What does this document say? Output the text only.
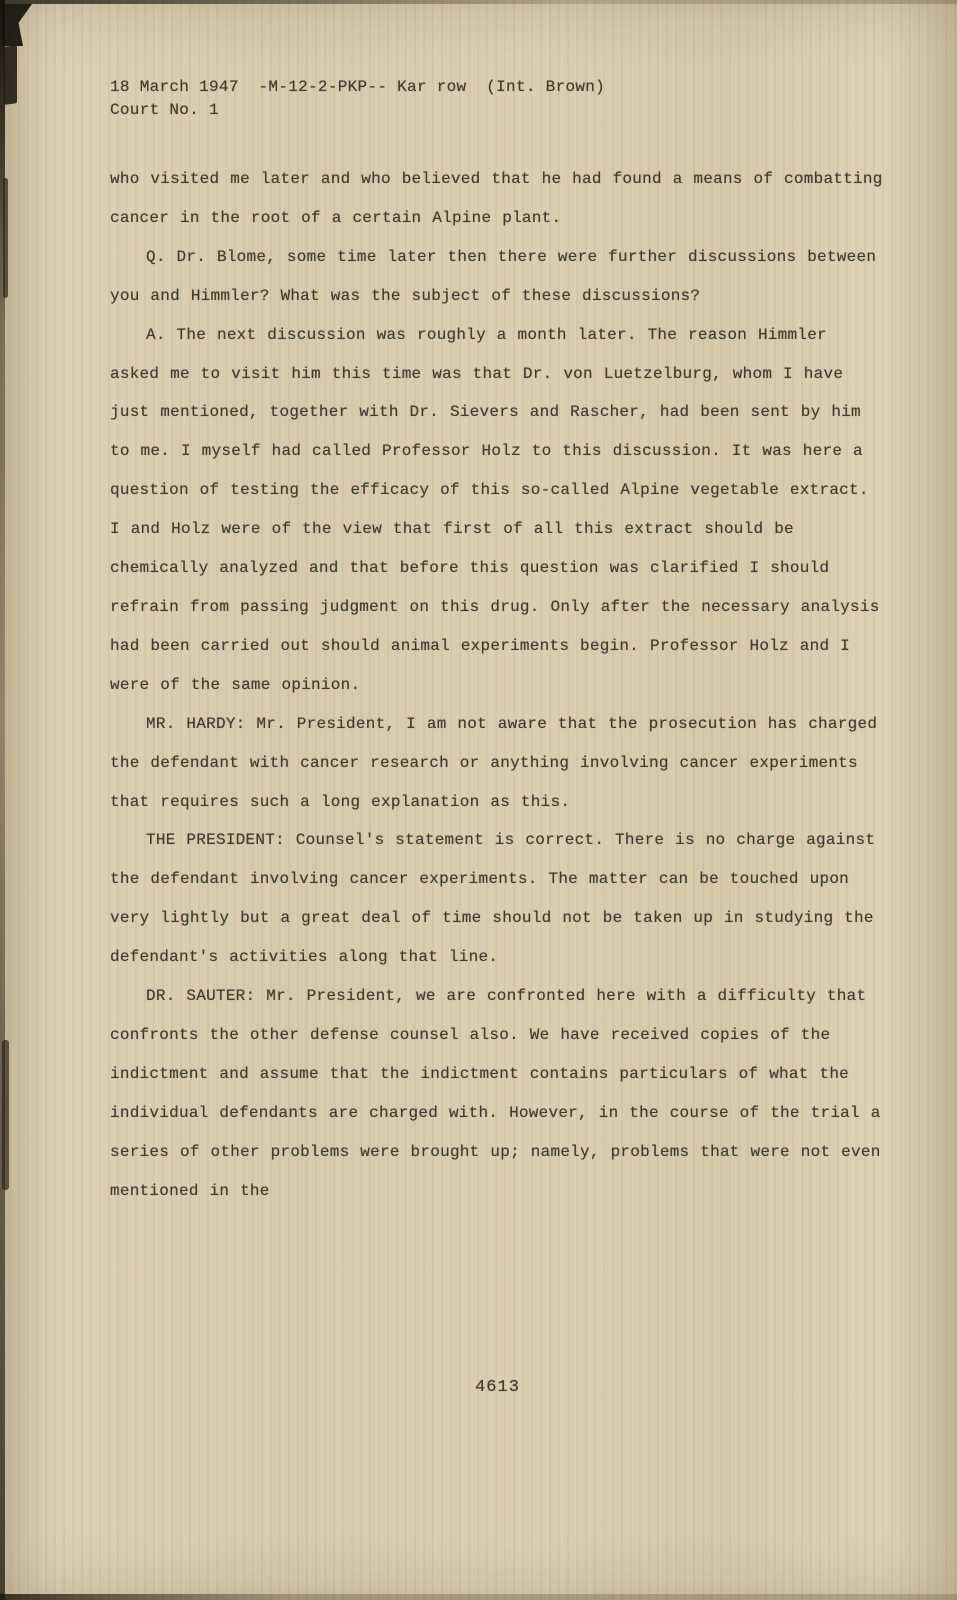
18 March 1947  -M-12-2-PKP-- Kar row  (Int. Brown)
Court No. 1

who visited me later and who believed that he had found a means of combatting cancer in the root of a certain Alpine plant.

Q. Dr. Blome, some time later then there were further discussions between you and Himmler? What was the subject of these discussions?

A. The next discussion was roughly a month later. The reason Himmler asked me to visit him this time was that Dr. von Luetzelburg, whom I have just mentioned, together with Dr. Sievers and Rascher, had been sent by him to me. I myself had called Professor Holz to this discussion. It was here a question of testing the efficacy of this so-called Alpine vegetable extract. I and Holz were of the view that first of all this extract should be chemically analyzed and that before this question was clarified I should refrain from passing judgment on this drug. Only after the necessary analysis had been carried out should animal experiments begin. Professor Holz and I were of the same opinion.

MR. HARDY: Mr. President, I am not aware that the prosecution has charged the defendant with cancer research or anything involving cancer experiments that requires such a long explanation as this.

THE PRESIDENT: Counsel's statement is correct. There is no charge against the defendant involving cancer experiments. The matter can be touched upon very lightly but a great deal of time should not be taken up in studying the defendant's activities along that line.

DR. SAUTER: Mr. President, we are confronted here with a difficulty that confronts the other defense counsel also. We have received copies of the indictment and assume that the indictment contains particulars of what the individual defendants are charged with. However, in the course of the trial a series of other problems were brought up; namely, problems that were not even mentioned in the

4613
